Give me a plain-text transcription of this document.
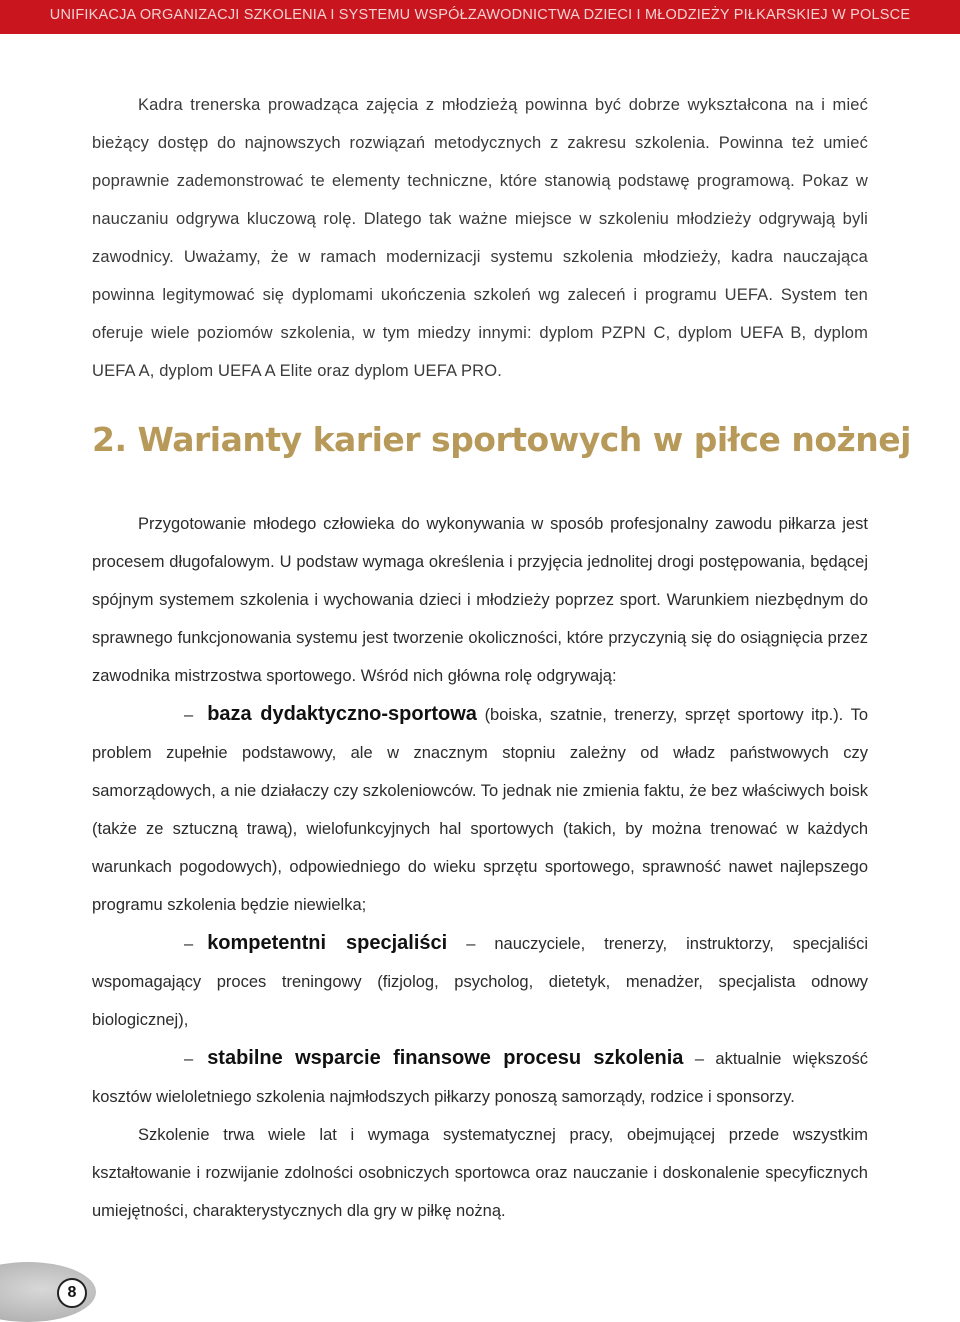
UNIFIKACJA ORGANIZACJI SZKOLENIA I SYSTEMU WSPÓŁZAWODNICTWA DZIECI I MŁODZIEŻY PIŁKARSKIEJ W POLSCE

Kadra trenerska prowadząca zajęcia z młodzieżą powinna być dobrze wykształcona na i mieć bieżący dostęp do najnowszych rozwiązań metodycznych z zakresu szkolenia. Powinna też umieć poprawnie zademonstrować te elementy techniczne, które stanowią podstawę programową. Pokaz w nauczaniu odgrywa kluczową rolę. Dlatego tak ważne miejsce w szkoleniu młodzieży odgrywają byli zawodnicy. Uważamy, że w ramach modernizacji systemu szkolenia młodzieży, kadra nauczająca powinna legitymować się dyplomami ukończenia szkoleń wg zaleceń i programu UEFA. System ten oferuje wiele poziomów szkolenia, w tym miedzy innymi: dyplom PZPN C, dyplom UEFA B, dyplom UEFA A, dyplom UEFA A Elite oraz dyplom UEFA PRO.

2. Warianty karier sportowych w piłce nożnej

Przygotowanie młodego człowieka do wykonywania w sposób profesjonalny zawodu piłkarza jest procesem długofalowym. U podstaw wymaga określenia i przyjęcia jednolitej drogi postępowania, będącej spójnym systemem szkolenia i wychowania dzieci i młodzieży poprzez sport. Warunkiem niezbędnym do sprawnego funkcjonowania systemu jest tworzenie okoliczności, które przyczynią się do osiągnięcia przez zawodnika mistrzostwa sportowego. Wśród nich główna rolę odgrywają:

– baza dydaktyczno-sportowa (boiska, szatnie, trenerzy, sprzęt sportowy itp.). To problem zupełnie podstawowy, ale w znacznym stopniu zależny od władz państwowych czy samorządowych, a nie działaczy czy szkoleniowców. To jednak nie zmienia faktu, że bez właściwych boisk (także ze sztuczną trawą), wielofunkcyjnych hal sportowych (takich, by można trenować w każdych warunkach pogodowych), odpowiedniego do wieku sprzętu sportowego, sprawność nawet najlepszego programu szkolenia będzie niewielka;

– kompetentni specjaliści – nauczyciele, trenerzy, instruktorzy, specjaliści wspomagający proces treningowy (fizjolog, psycholog, dietetyk, menadżer, specjalista odnowy biologicznej),

– stabilne wsparcie finansowe procesu szkolenia – aktualnie większość kosztów wieloletniego szkolenia najmłodszych piłkarzy ponoszą samorządy, rodzice i sponsorzy.

Szkolenie trwa wiele lat i wymaga systematycznej pracy, obejmującej przede wszystkim kształtowanie i rozwijanie zdolności osobniczych sportowca oraz nauczanie i doskonalenie specyficznych umiejętności, charakterystycznych dla gry w piłkę nożną.

8
